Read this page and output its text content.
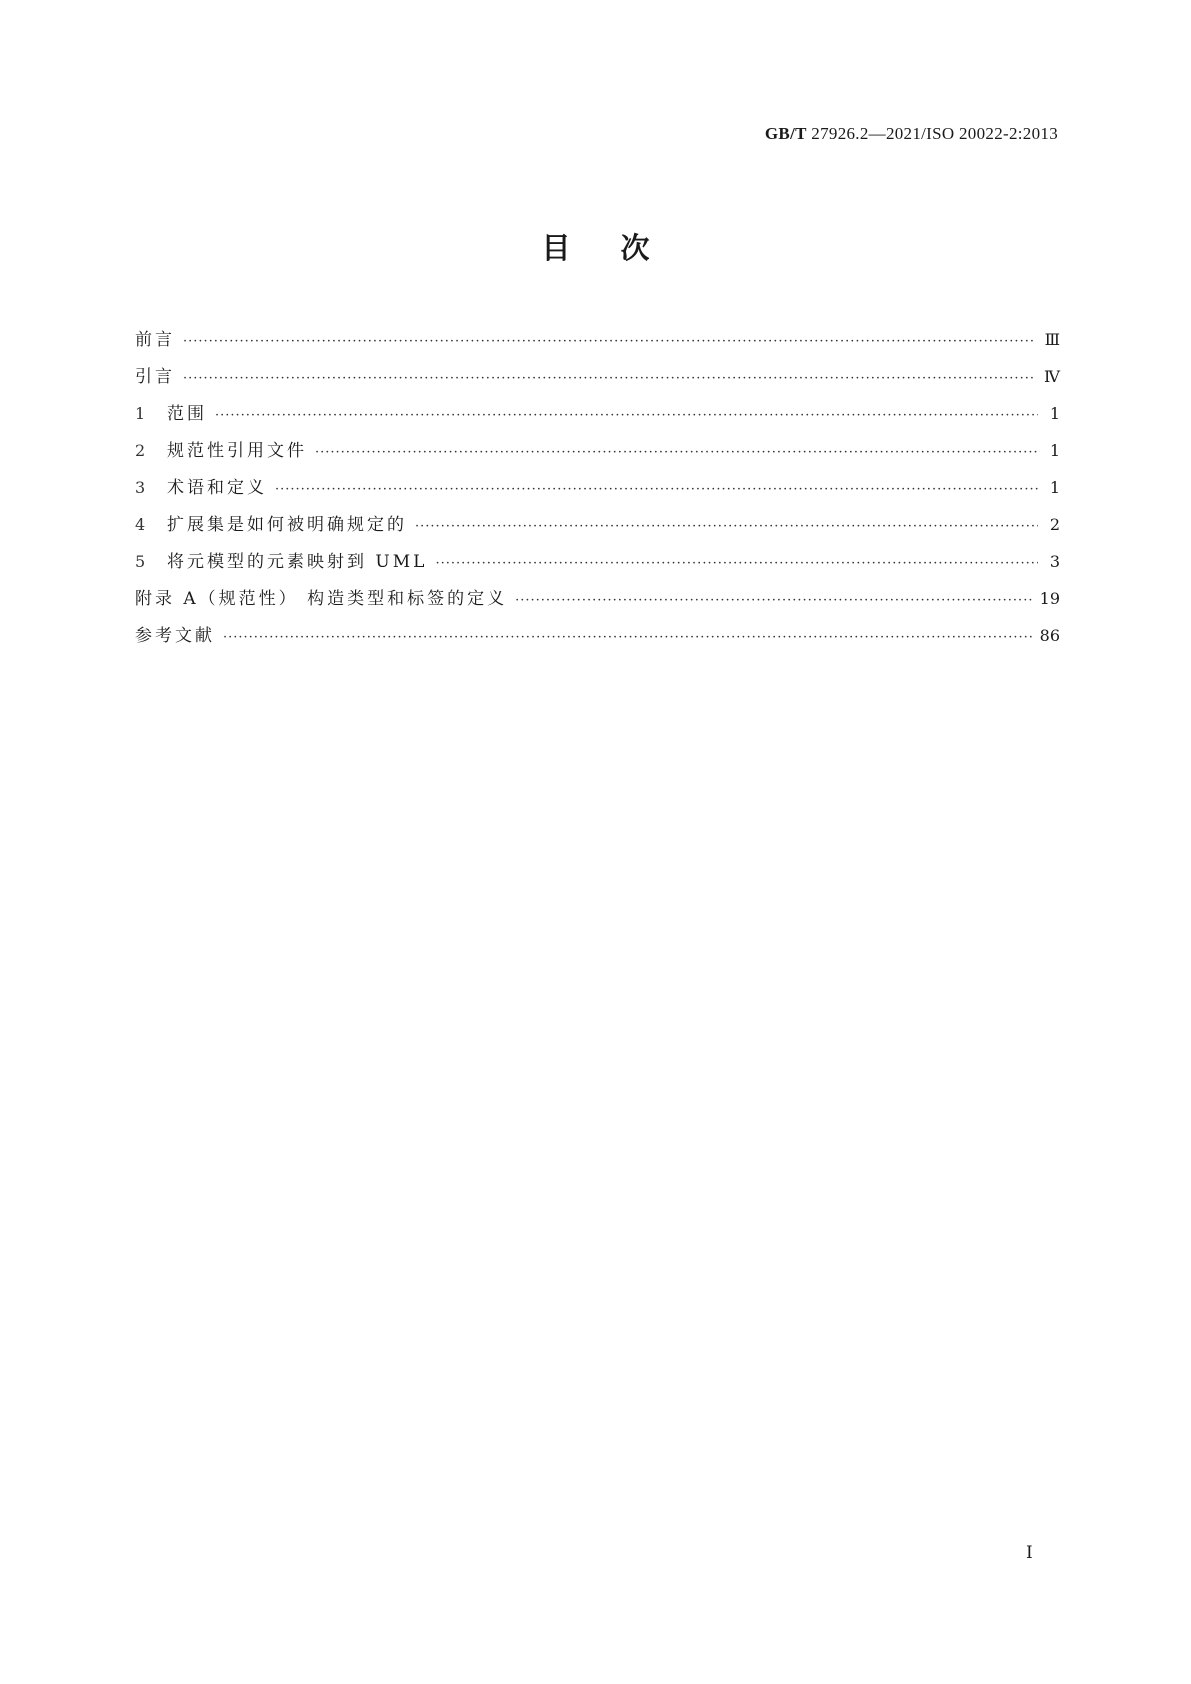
GB/T 27926.2—2021/ISO 20022-2:2013
目次
前言 ·····	Ⅲ
引言 ·····	Ⅳ
1	范围 ·····	1
2	规范性引用文件 ·····	1
3	术语和定义 ·····	1
4	扩展集是如何被明确规定的 ·····	2
5	将元模型的元素映射到 UML ·····	3
附录 A（规范性） 构造类型和标签的定义 ·····	19
参考文献 ·····	86
Ⅰ
